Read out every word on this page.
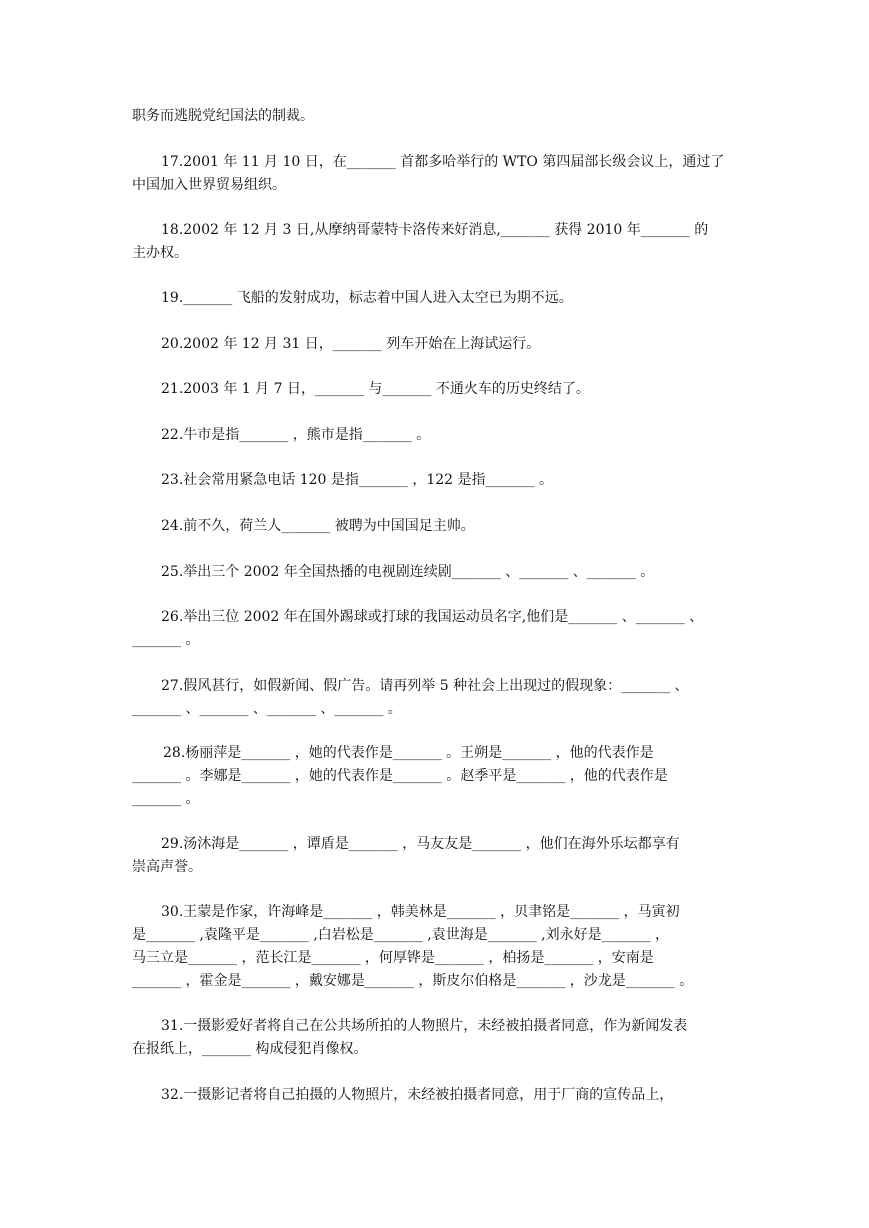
职务而逃脱党纪国法的制裁。
17.2001 年 11 月 10 日，在_______ 首都多哈举行的 WTO 第四届部长级会议上，通过了
中国加入世界贸易组织。
18.2002 年 12 月 3 日,从摩纳哥蒙特卡洛传来好消息,_______ 获得 2010 年_______ 的
主办权。
19._______ 飞船的发射成功，标志着中国人进入太空已为期不远。
20.2002 年 12 月 31 日，_______ 列车开始在上海试运行。
21.2003 年 1 月 7 日，_______ 与_______ 不通火车的历史终结了。
22.牛市是指_______ ，熊市是指_______ 。
23.社会常用紧急电话 120 是指_______ ，122 是指_______ 。
24.前不久，荷兰人_______ 被聘为中国国足主帅。
25.举出三个 2002 年全国热播的电视剧连续剧_______ 、_______ 、_______ 。
26.举出三位 2002 年在国外踢球或打球的我国运动员名字,他们是_______ 、_______ 、
_______ 。
27.假风甚行，如假新闻、假广告。请再列举 5 种社会上出现过的假现象：_______ 、
_______ 、_______ 、_______ 、_______ 。
28.杨丽萍是_______ ，她的代表作是_______ 。王朔是_______ ，他的代表作是
_______ 。李娜是_______ ，她的代表作是_______ 。赵季平是_______ ，他的代表作是
_______ 。
29.汤沐海是_______ ，谭盾是_______ ，马友友是_______ ，他们在海外乐坛都享有
崇高声誉。
30.王蒙是作家，许海峰是_______ ，韩美林是_______ ，贝聿铭是_______ ，马寅初
是_______ ,袁隆平是_______ ,白岩松是_______ ,袁世海是_______ ,刘永好是_______ ，
马三立是_______ ，范长江是_______ ，何厚铧是_______ ，柏扬是_______ ，安南是
_______ ，霍金是_______ ，戴安娜是_______ ，斯皮尔伯格是_______ ，沙龙是_______ 。
31.一摄影爱好者将自己在公共场所拍的人物照片，未经被拍摄者同意，作为新闻发表
在报纸上，_______ 构成侵犯肖像权。
32.一摄影记者将自己拍摄的人物照片，未经被拍摄者同意，用于厂商的宣传品上，
